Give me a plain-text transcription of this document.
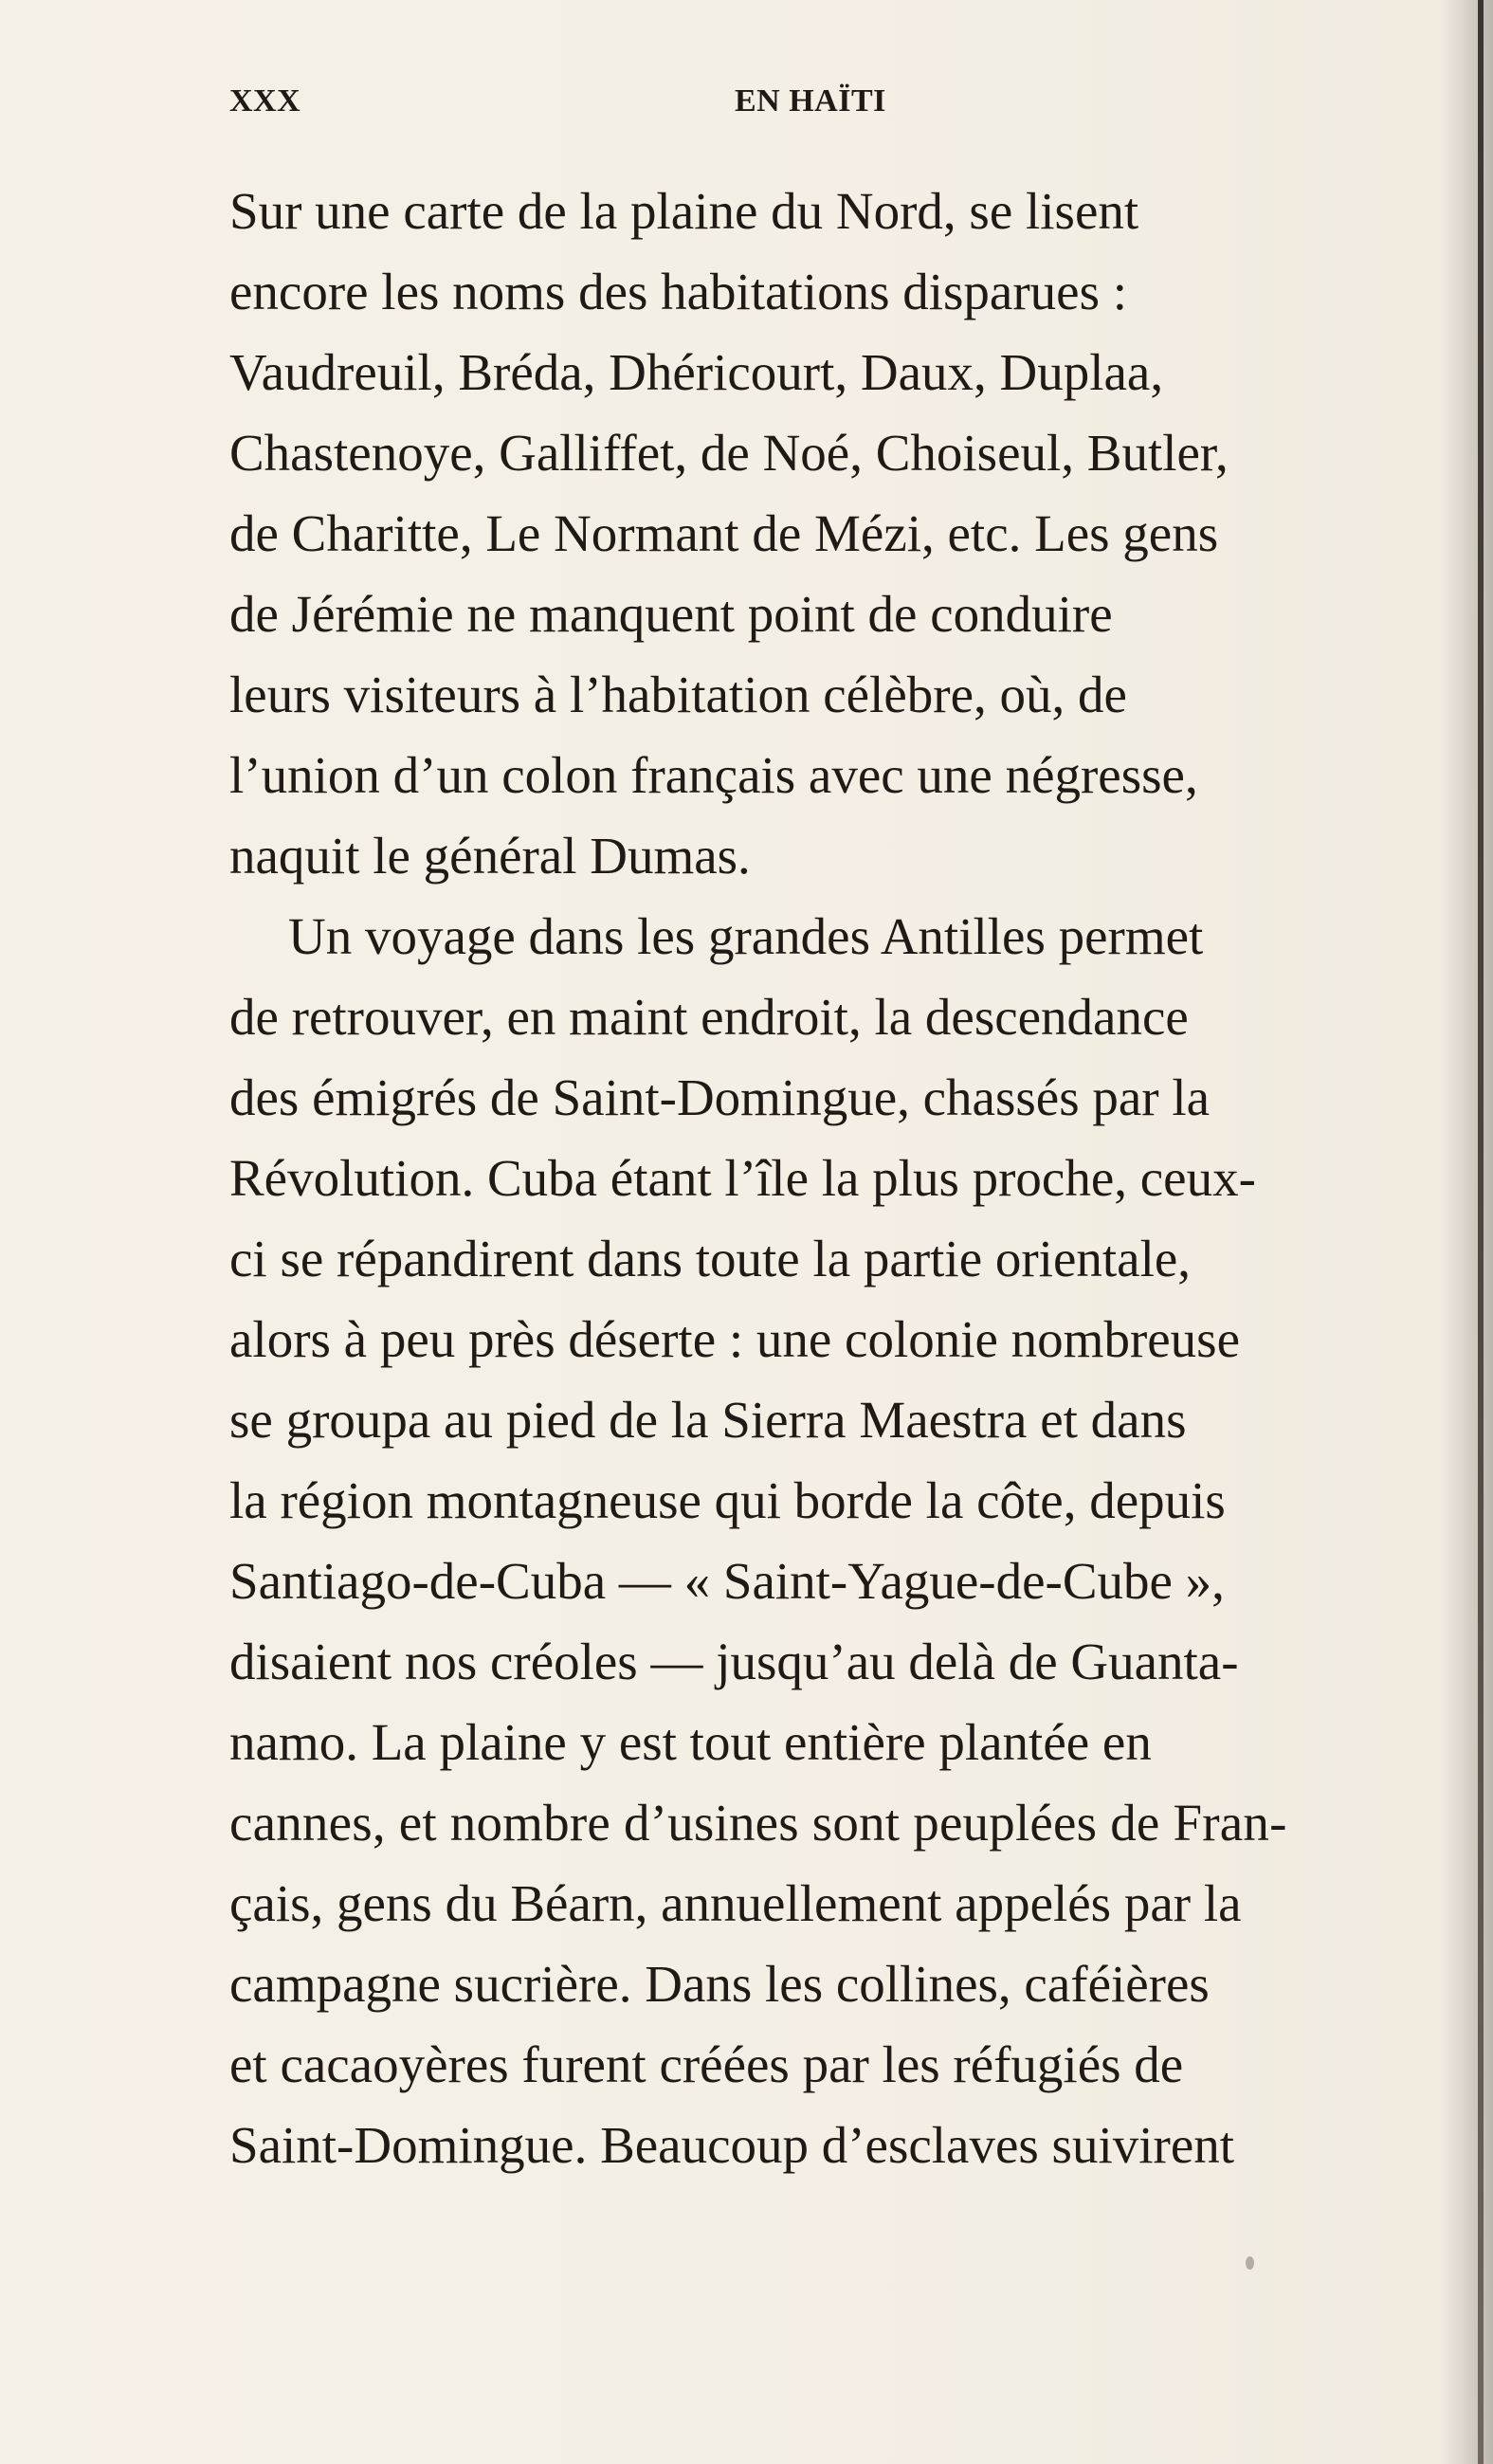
XXX	EN HAÏTI
Sur une carte de la plaine du Nord, se lisent
encore les noms des habitations disparues :
Vaudreuil, Bréda, Dhéricourt, Daux, Duplaa,
Chastenoye, Galliffet, de Noé, Choiseul, Butler,
de Charitte, Le Normant de Mézi, etc. Les gens
de Jérémie ne manquent point de conduire
leurs visiteurs à l’habitation célèbre, où, de
l’union d’un colon français avec une négresse,
naquit le général Dumas.
Un voyage dans les grandes Antilles permet
de retrouver, en maint endroit, la descendance
des émigrés de Saint-Domingue, chassés par la
Révolution. Cuba étant l’île la plus proche, ceux-
ci se répandirent dans toute la partie orientale,
alors à peu près déserte : une colonie nombreuse
se groupa au pied de la Sierra Maestra et dans
la région montagneuse qui borde la côte, depuis
Santiago-de-Cuba — « Saint-Yague-de-Cube »,
disaient nos créoles — jusqu’au delà de Guanta-
namo. La plaine y est tout entière plantée en
cannes, et nombre d’usines sont peuplées de Fran-
çais, gens du Béarn, annuellement appelés par la
campagne sucrière. Dans les collines, caféières
et cacaoyères furent créées par les réfugiés de
Saint-Domingue. Beaucoup d’esclaves suivirent
